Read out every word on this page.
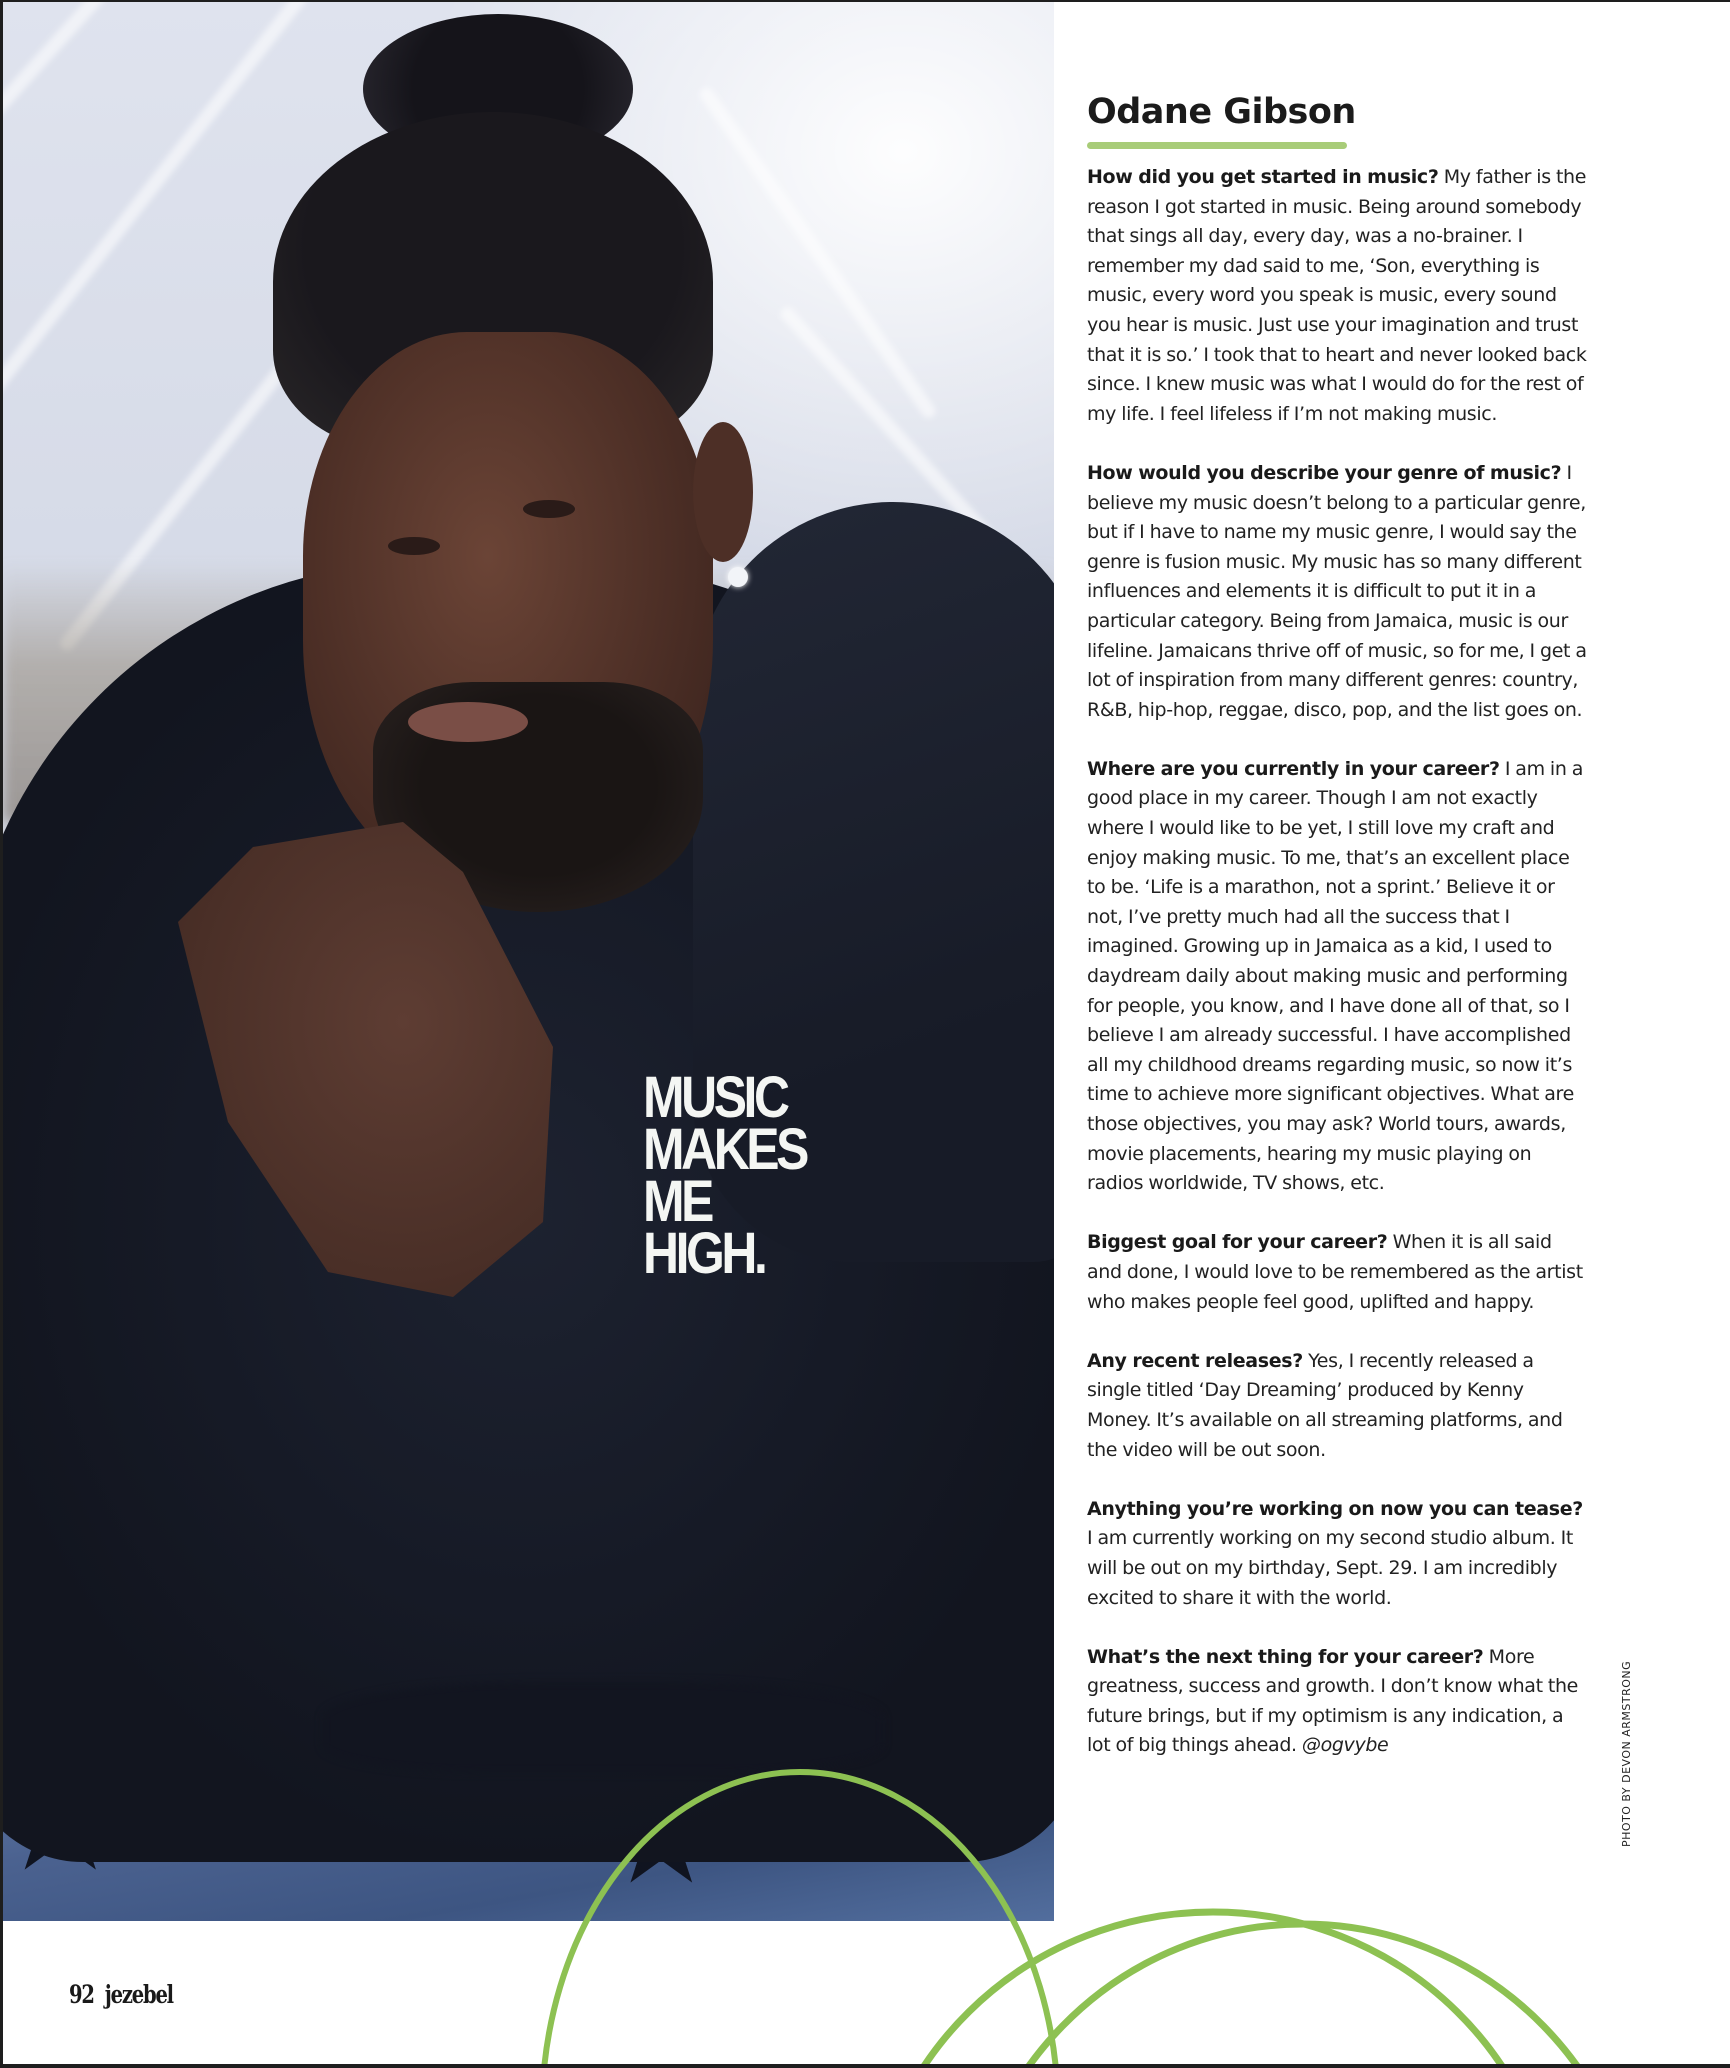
MUSIC
MAKES
ME
HIGH.
Odane Gibson

How did you get started in music? My father is the reason I got started in music. Being around somebody that sings all day, every day, was a no-brainer. I remember my dad said to me, ‘Son, everything is music, every word you speak is music, every sound you hear is music. Just use your imagination and trust that it is so.’ I took that to heart and never looked back since. I knew music was what I would do for the rest of my life. I feel lifeless if I’m not making music.

How would you describe your genre of music? I believe my music doesn’t belong to a particular genre, but if I have to name my music genre, I would say the genre is fusion music. My music has so many different influences and elements it is difficult to put it in a particular category. Being from Jamaica, music is our lifeline. Jamaicans thrive off of music, so for me, I get a lot of inspiration from many different genres: country, R&B, hip-hop, reggae, disco, pop, and the list goes on.

Where are you currently in your career? I am in a good place in my career. Though I am not exactly where I would like to be yet, I still love my craft and enjoy making music. To me, that’s an excellent place to be. ‘Life is a marathon, not a sprint.’ Believe it or not, I’ve pretty much had all the success that I imagined. Growing up in Jamaica as a kid, I used to daydream daily about making music and performing for people, you know, and I have done all of that, so I believe I am already successful. I have accomplished all my childhood dreams regarding music, so now it’s time to achieve more significant objectives. What are those objectives, you may ask? World tours, awards, movie placements, hearing my music playing on radios worldwide, TV shows, etc.

Biggest goal for your career? When it is all said and done, I would love to be remembered as the artist who makes people feel good, uplifted and happy.

Any recent releases? Yes, I recently released a single titled ‘Day Dreaming’ produced by Kenny Money. It’s available on all streaming platforms, and the video will be out soon.

Anything you’re working on now you can tease? I am currently working on my second studio album. It will be out on my birthday, Sept. 29. I am incredibly excited to share it with the world.

What’s the next thing for your career? More greatness, success and growth. I don’t know what the future brings, but if my optimism is any indication, a lot of big things ahead. @ogvybe	PHOTO BY DEVON ARMSTRONG
92 jezebel
